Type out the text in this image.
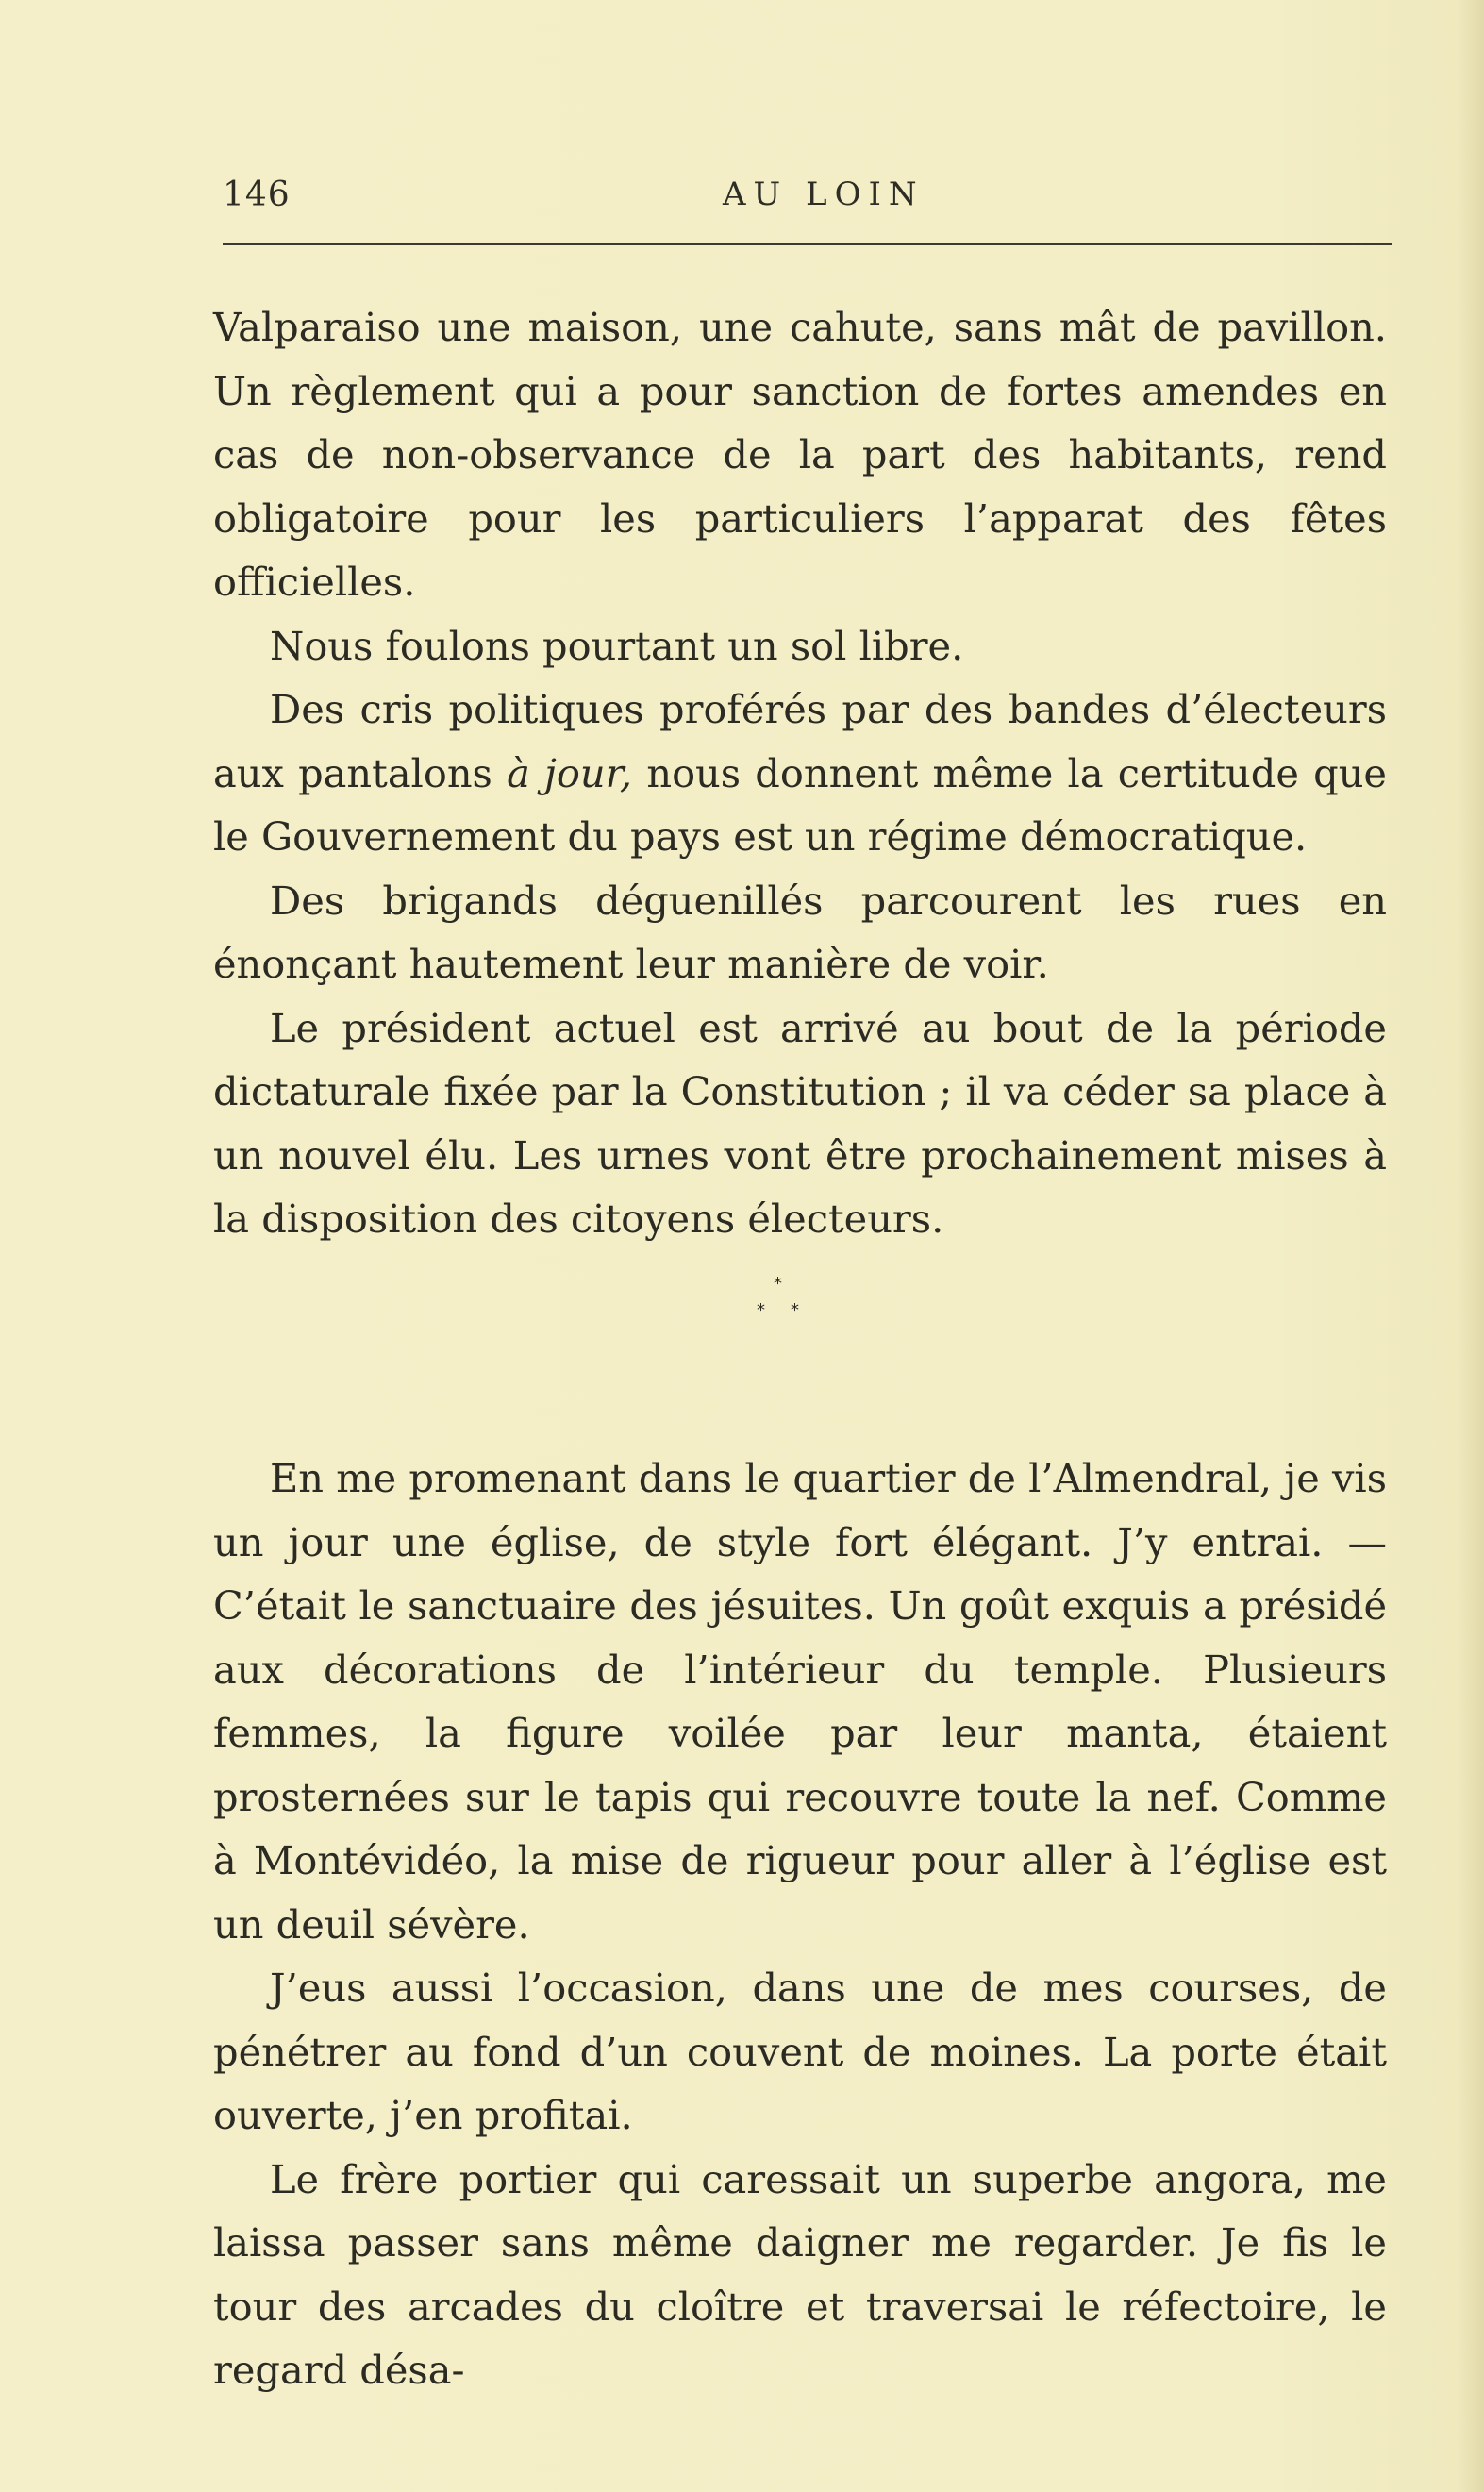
146	AU LOIN

Valparaiso une maison, une cahute, sans mât de pavillon. Un règlement qui a pour sanction de fortes amendes en cas de non-observance de la part des habitants, rend obligatoire pour les particuliers l’apparat des fêtes officielles.

Nous foulons pourtant un sol libre.

Des cris politiques proférés par des bandes d’électeurs aux pantalons à jour, nous donnent même la certitude que le Gouvernement du pays est un régime démocratique.

Des brigands déguenillés parcourent les rues en énonçant hautement leur manière de voir.

Le président actuel est arrivé au bout de la période dictaturale fixée par la Constitution ; il va céder sa place à un nouvel élu. Les urnes vont être prochainement mises à la disposition des citoyens électeurs.

*
* *

En me promenant dans le quartier de l’Almendral, je vis un jour une église, de style fort élégant. J’y entrai. — C’était le sanctuaire des jésuites. Un goût exquis a présidé aux décorations de l’intérieur du temple. Plusieurs femmes, la figure voilée par leur manta, étaient prosternées sur le tapis qui recouvre toute la nef. Comme à Montévidéo, la mise de rigueur pour aller à l’église est un deuil sévère.

J’eus aussi l’occasion, dans une de mes courses, de pénétrer au fond d’un couvent de moines. La porte était ouverte, j’en profitai.

Le frère portier qui caressait un superbe angora, me laissa passer sans même daigner me regarder. Je fis le tour des arcades du cloître et traversai le réfectoire, le regard désa-
